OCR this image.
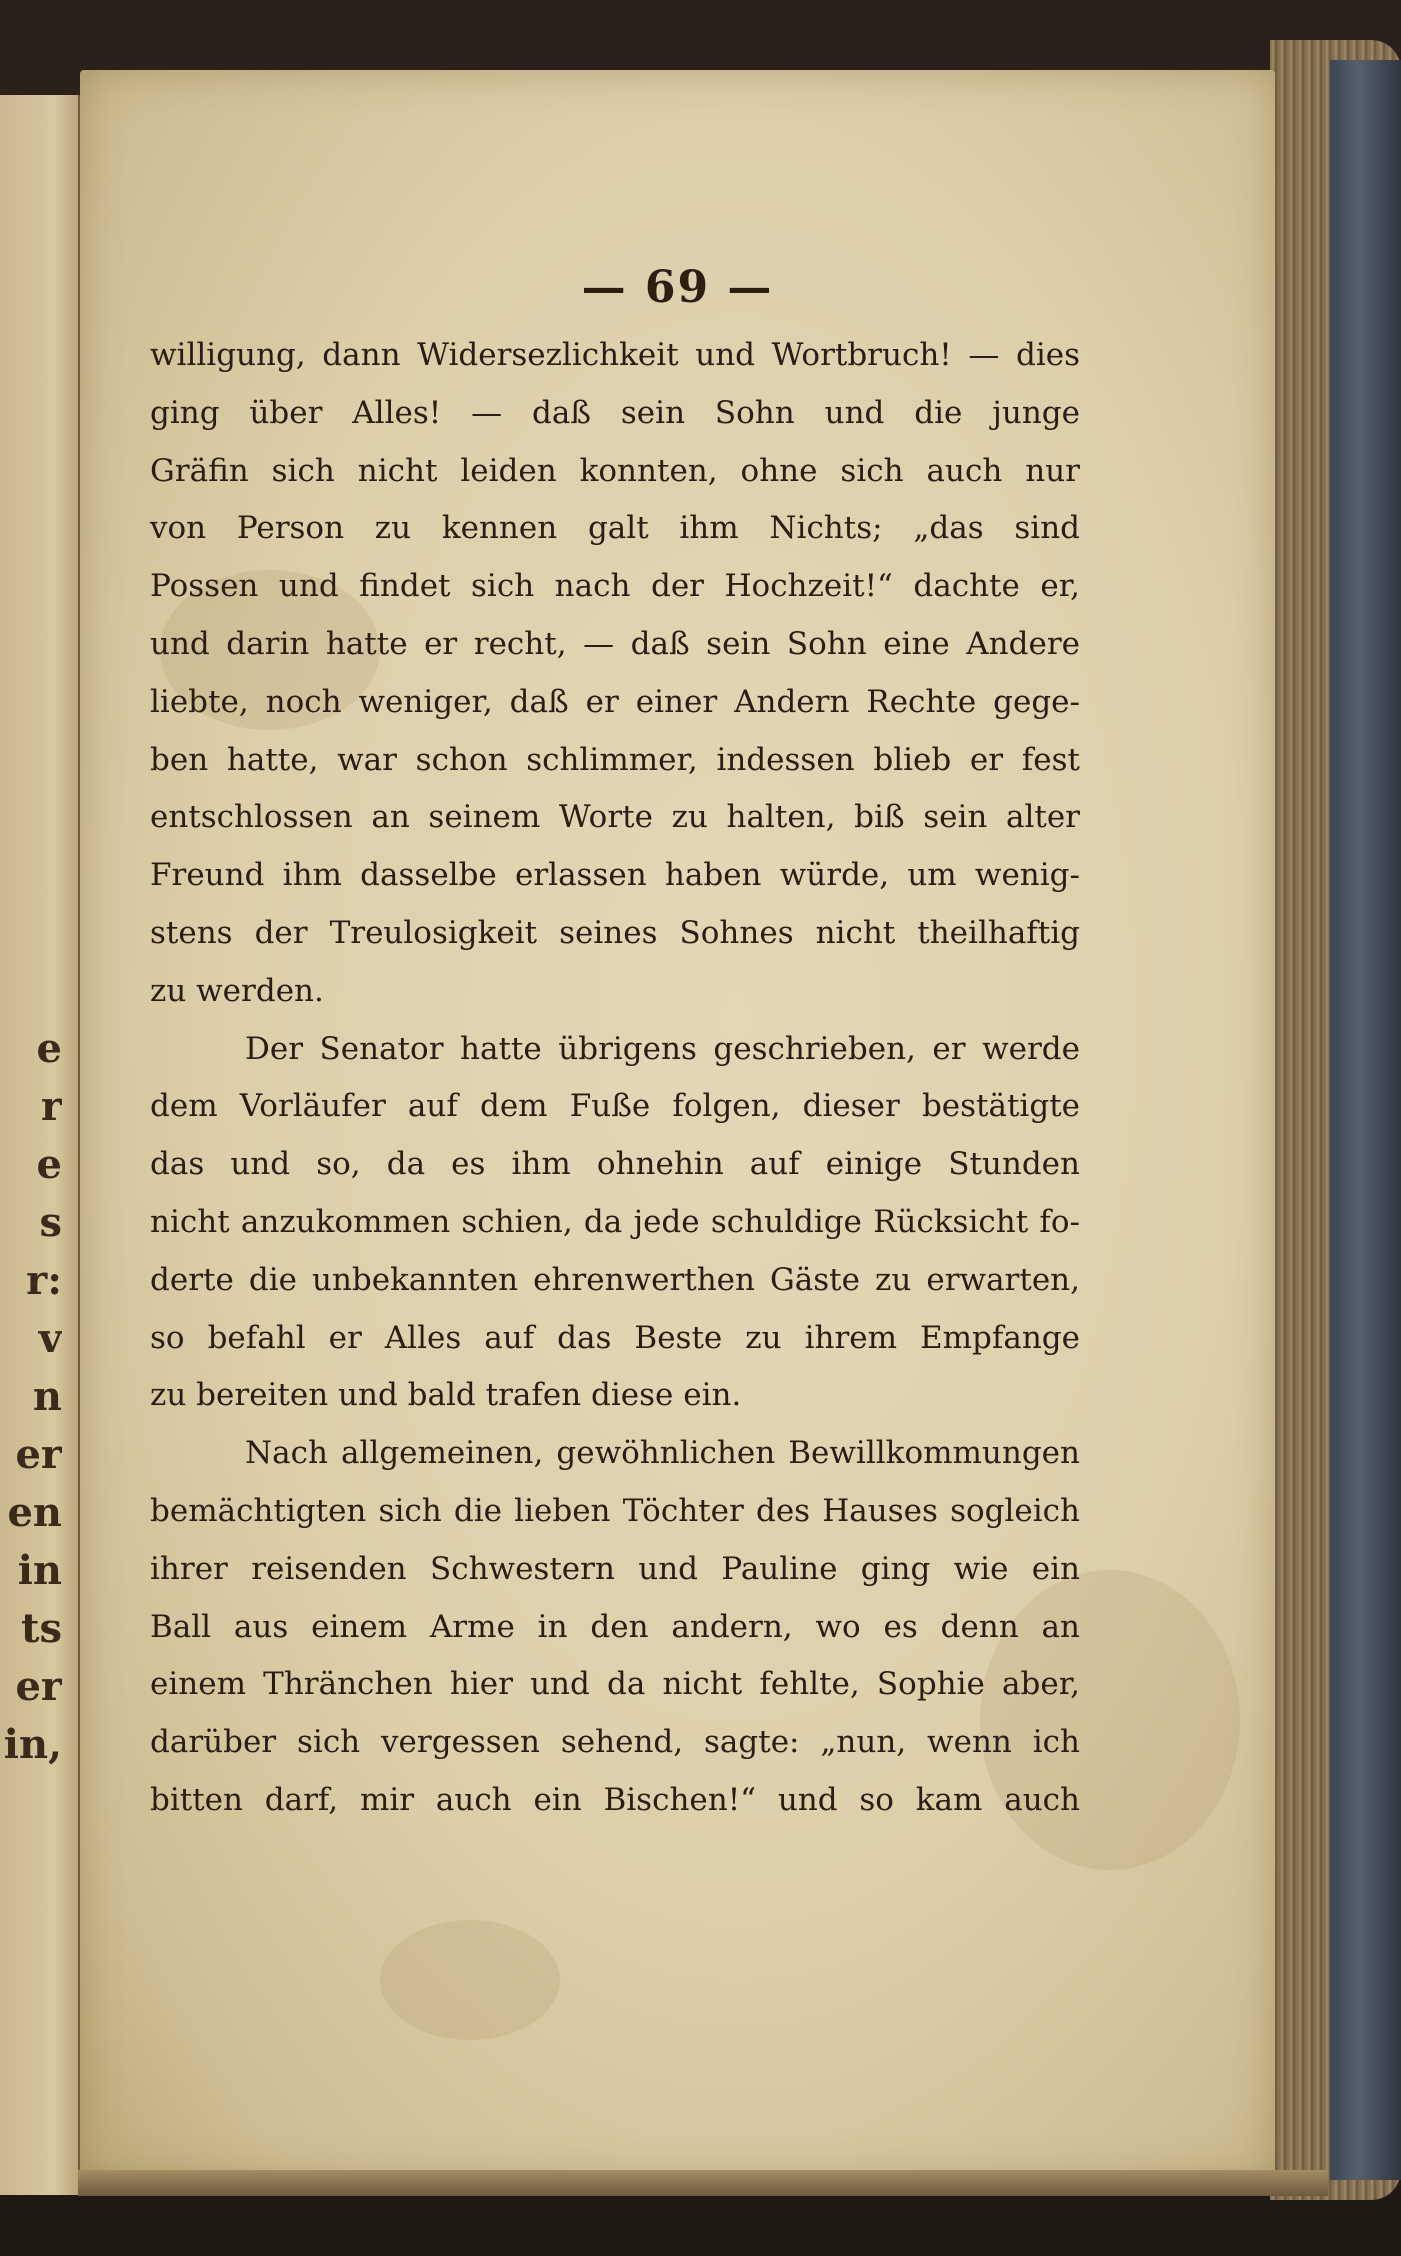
e
r
e
s
r:
v
n
er
en
in
ts
er
in,
— 69 —
willigung, dann Widersezlichkeit und Wortbruch! — dies
ging über Alles! — daß sein Sohn und die junge
Gräfin sich nicht leiden konnten, ohne sich auch nur
von Person zu kennen galt ihm Nichts; „das sind
Possen und findet sich nach der Hochzeit!“ dachte er,
und darin hatte er recht, — daß sein Sohn eine Andere
liebte, noch weniger, daß er einer Andern Rechte gege-
ben hatte, war schon schlimmer, indessen blieb er fest
entschlossen an seinem Worte zu halten, biß sein alter
Freund ihm dasselbe erlassen haben würde, um wenig-
stens der Treulosigkeit seines Sohnes nicht theilhaftig
zu werden.
Der Senator hatte übrigens geschrieben, er werde
dem Vorläufer auf dem Fuße folgen, dieser bestätigte
das und so, da es ihm ohnehin auf einige Stunden
nicht anzukommen schien, da jede schuldige Rücksicht fo-
derte die unbekannten ehrenwerthen Gäste zu erwarten,
so befahl er Alles auf das Beste zu ihrem Empfange
zu bereiten und bald trafen diese ein.
Nach allgemeinen, gewöhnlichen Bewillkommungen
bemächtigten sich die lieben Töchter des Hauses sogleich
ihrer reisenden Schwestern und Pauline ging wie ein
Ball aus einem Arme in den andern, wo es denn an
einem Thränchen hier und da nicht fehlte, Sophie aber,
darüber sich vergessen sehend, sagte: „nun, wenn ich
bitten darf, mir auch ein Bischen!“ und so kam auch
